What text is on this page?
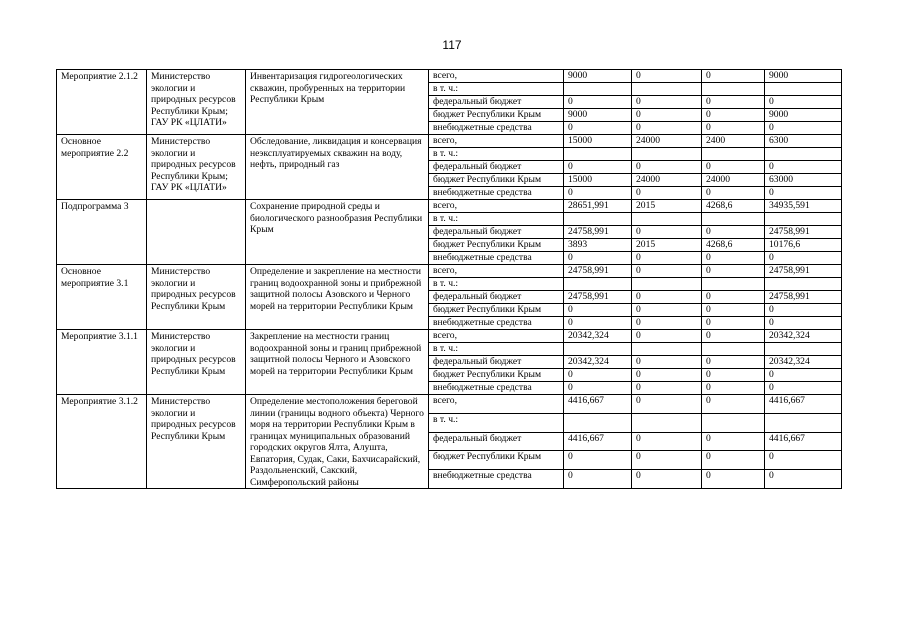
117
Мероприятие 2.1.2	Министерство экологии и природных ресурсов Республики Крым; ГАУ РК «ЦЛАТИ»	Инвентаризация гидрогеологических скважин, пробуренных на территории Республики Крым	всего,	9000	0	0	9000
			в т. ч.:				
			федеральный бюджет	0	0	0	0
			бюджет Республики Крым	9000	0	0	9000
			внебюджетные средства	0	0	0	0
Основное мероприятие 2.2	Министерство экологии и природных ресурсов Республики Крым; ГАУ РК «ЦЛАТИ»	Обследование, ликвидация и консервация неэксплуатируемых скважин на воду, нефть, природный газ	всего,	15000	24000	2400	6300
			в т. ч.:				
			федеральный бюджет	0	0	0	0
			бюджет Республики Крым	15000	24000	24000	63000
			внебюджетные средства	0	0	0	0
Подпрограмма 3		Сохранение природной среды и биологического разнообразия Республики Крым	всего,	28651,991	2015	4268,6	34935,591
			в т. ч.:				
			федеральный бюджет	24758,991	0	0	24758,991
			бюджет Республики Крым	3893	2015	4268,6	10176,6
			внебюджетные средства	0	0	0	0
Основное мероприятие 3.1	Министерство экологии и природных ресурсов Республики Крым	Определение и закрепление на местности границ водоохранной зоны и прибрежной защитной полосы Азовского и Черного морей на территории Республики Крым	всего,	24758,991	0	0	24758,991
			в т. ч.:				
			федеральный бюджет	24758,991	0	0	24758,991
			бюджет Республики Крым	0	0	0	0
			внебюджетные средства	0	0	0	0
Мероприятие 3.1.1	Министерство экологии и природных ресурсов Республики Крым	Закрепление на местности границ водоохранной зоны и границ прибрежной защитной полосы Черного и Азовского морей на территории Республики Крым	всего,	20342,324	0	0	20342,324
			в т. ч.:				
			федеральный бюджет	20342,324	0	0	20342,324
			бюджет Республики Крым	0	0	0	0
			внебюджетные средства	0	0	0	0
Мероприятие 3.1.2	Министерство экологии и природных ресурсов Республики Крым	Определение местоположения береговой линии (границы водного объекта) Черного моря на территории Республики Крым в границах муниципальных образований городских округов Ялта, Алушта, Евпатория, Судак, Саки, Бахчисарайский, Раздольненский, Сакский, Симферопольский районы	всего,	4416,667	0	0	4416,667
			в т. ч.:				
			федеральный бюджет	4416,667	0	0	4416,667
			бюджет Республики Крым	0	0	0	0
			внебюджетные средства	0	0	0	0
